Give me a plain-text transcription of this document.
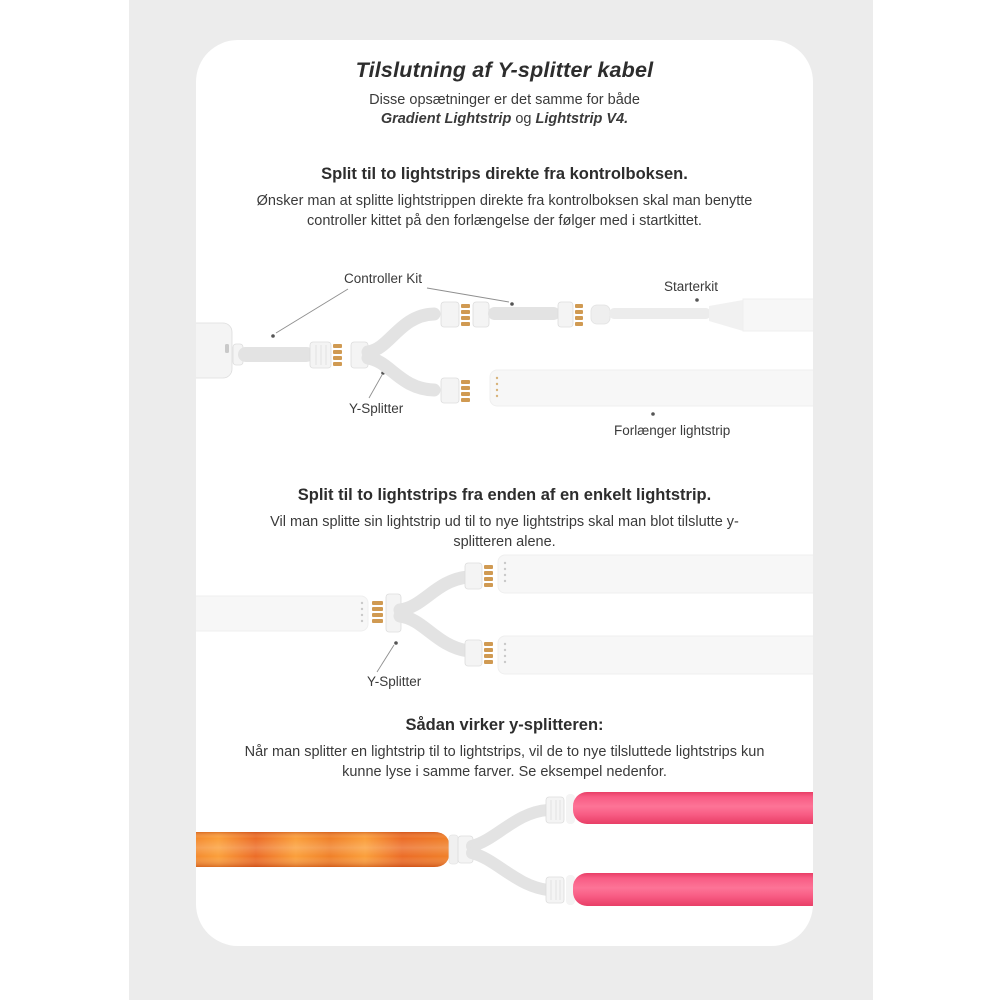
Tilslutning af Y-splitter kabel
Disse opsætninger er det samme for både
Gradient Lightstrip og Lightstrip V4.
Split til to lightstrips direkte fra kontrolboksen.
Ønsker man at splitte lightstrippen direkte fra kontrolboksen skal man benytte controller kittet på den forlængelse der følger med i startkittet.
Controller Kit
Starterkit
Y-Splitter
Forlænger lightstrip
Split til to lightstrips fra enden af en enkelt lightstrip.
Vil man splitte sin lightstrip ud til to nye lightstrips skal man blot tilslutte y-splitteren alene.
Y-Splitter
Sådan virker y-splitteren:
Når man splitter en lightstrip til to lightstrips, vil de to nye tilsluttede lightstrips kun kunne lyse i samme farver. Se eksempel nedenfor.
